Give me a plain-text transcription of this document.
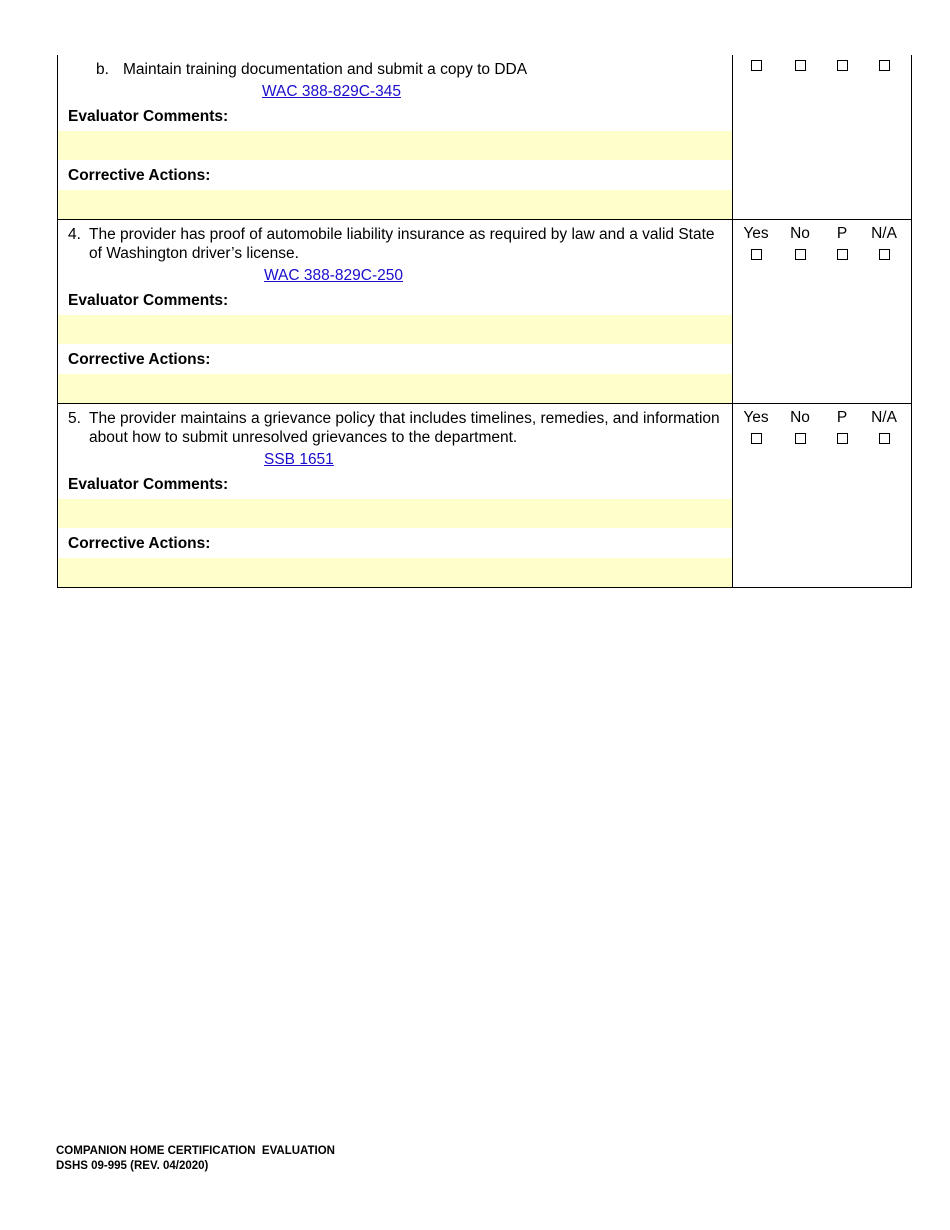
b. Maintain training documentation and submit a copy to DDA
WAC 388-829C-345
Evaluator Comments:
Corrective Actions:
4. The provider has proof of automobile liability insurance as required by law and a valid State of Washington driver’s license.
WAC 388-829C-250
Evaluator Comments:
Corrective Actions:
Yes	No	P	N/A
5. The provider maintains a grievance policy that includes timelines, remedies, and information about how to submit unresolved grievances to the department.
SSB 1651
Evaluator Comments:
Corrective Actions:
Yes	No	P	N/A
COMPANION HOME CERTIFICATION  EVALUATION
DSHS 09-995 (REV. 04/2020)
